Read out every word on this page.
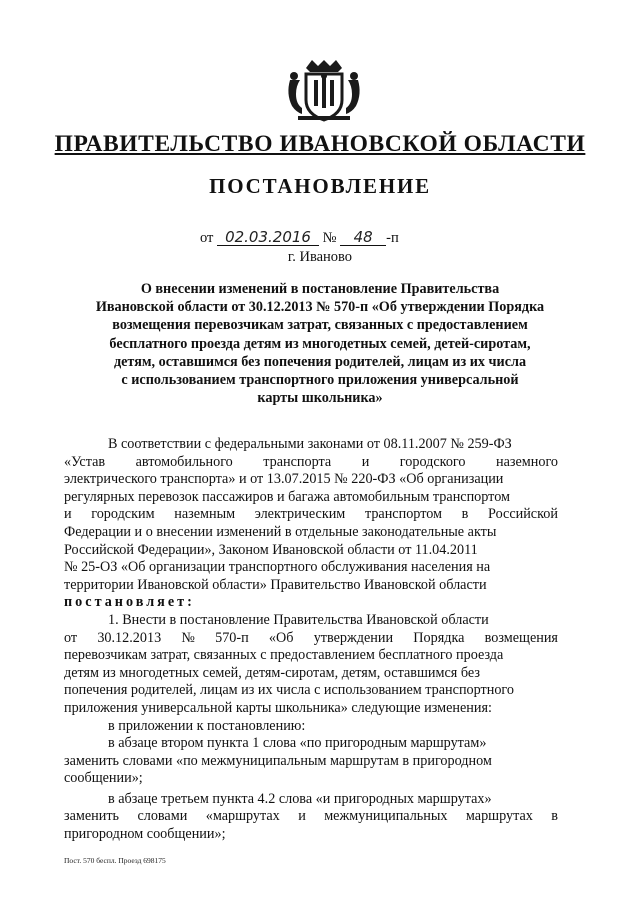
ПРАВИТЕЛЬСТВО ИВАНОВСКОЙ ОБЛАСТИ
ПОСТАНОВЛЕНИЕ
от 02.03.2016 № 48 -п
г. Иваново
О внесении изменений в постановление Правительства
Ивановской области от 30.12.2013 № 570-п «Об утверждении Порядка
возмещения перевозчикам затрат, связанных с предоставлением
бесплатного проезда детям из многодетных семей, детей-сиротам,
детям, оставшимся без попечения родителей, лицам из их числа
с использованием транспортного приложения универсальной
карты школьника»
В соответствии с федеральными законами от 08.11.2007 № 259-ФЗ
«Устав автомобильного транспорта и городского наземного
электрического транспорта» и от 13.07.2015 № 220-ФЗ «Об организации
регулярных перевозок пассажиров и багажа автомобильным транспортом
и городским наземным электрическим транспортом в Российской
Федерации и о внесении изменений в отдельные законодательные акты
Российской Федерации», Законом Ивановской области от 11.04.2011
№ 25-ОЗ «Об организации транспортного обслуживания населения на
территории Ивановской области» Правительство Ивановской области
постановляет:
1. Внести в постановление Правительства Ивановской области
от 30.12.2013 № 570-п «Об утверждении Порядка возмещения
перевозчикам затрат, связанных с предоставлением бесплатного проезда
детям из многодетных семей, детям-сиротам, детям, оставшимся без
попечения родителей, лицам из их числа с использованием транспортного
приложения универсальной карты школьника» следующие изменения:
в приложении к постановлению:
в абзаце втором пункта 1 слова «по пригородным маршрутам»
заменить словами «по межмуниципальным маршрутам в пригородном
сообщении»;
в абзаце третьем пункта 4.2 слова «и пригородных маршрутах»
заменить словами «маршрутах и межмуниципальных маршрутах в
пригородном сообщении»;
Пост. 570 беспл. Проезд 698175
